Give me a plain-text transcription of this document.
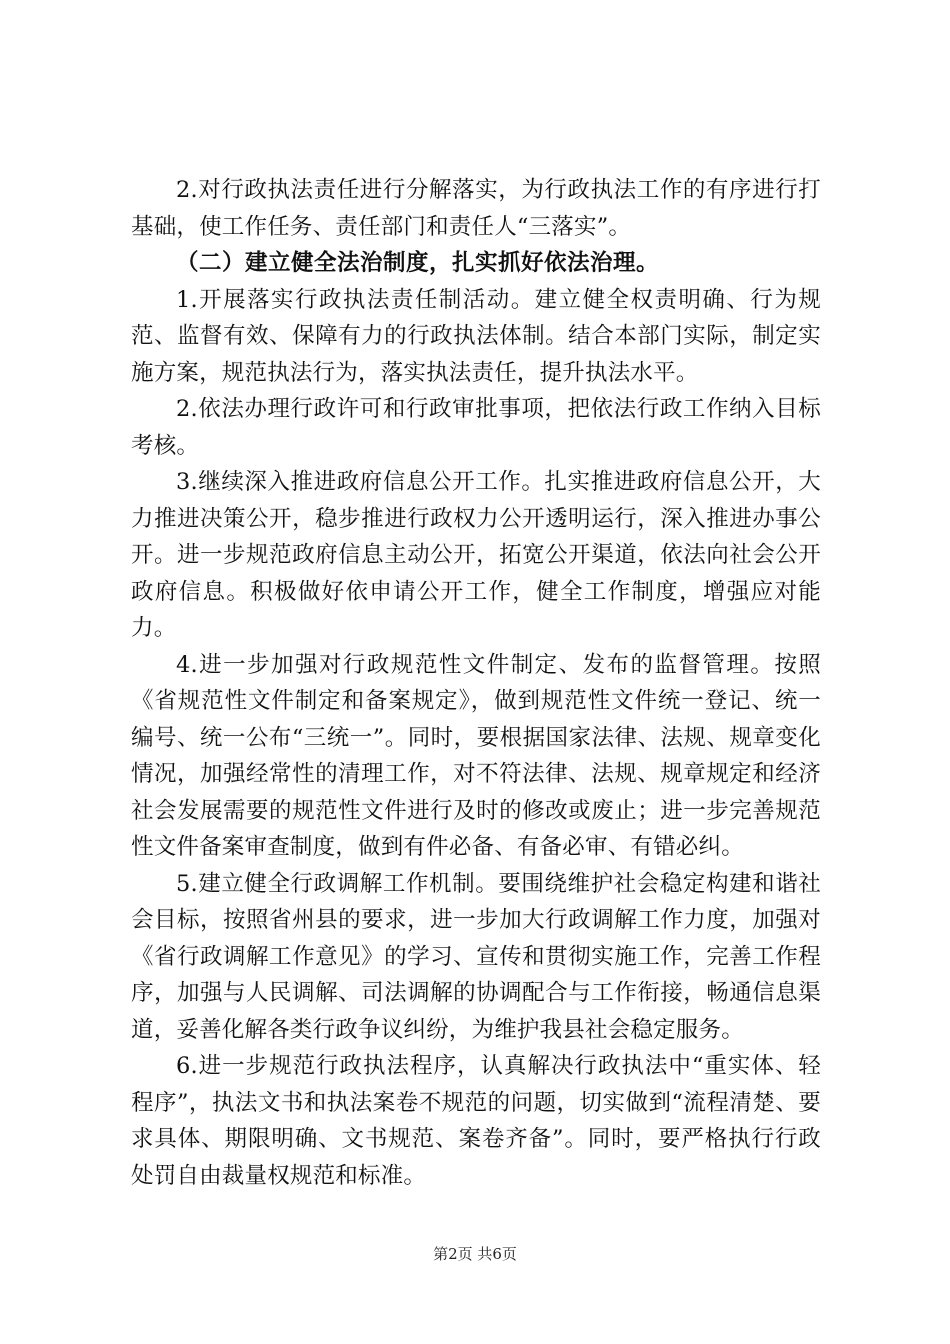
2.对行政执法责任进行分解落实，为行政执法工作的有序进行打基础，使工作任务、责任部门和责任人“三落实”。

（二）建立健全法治制度，扎实抓好依法治理。

1.开展落实行政执法责任制活动。建立健全权责明确、行为规范、监督有效、保障有力的行政执法体制。结合本部门实际，制定实施方案，规范执法行为，落实执法责任，提升执法水平。

2.依法办理行政许可和行政审批事项，把依法行政工作纳入目标考核。

3.继续深入推进政府信息公开工作。扎实推进政府信息公开，大力推进决策公开，稳步推进行政权力公开透明运行，深入推进办事公开。进一步规范政府信息主动公开，拓宽公开渠道，依法向社会公开政府信息。积极做好依申请公开工作，健全工作制度，增强应对能力。

4.进一步加强对行政规范性文件制定、发布的监督管理。按照《省规范性文件制定和备案规定》，做到规范性文件统一登记、统一编号、统一公布“三统一”。同时，要根据国家法律、法规、规章变化情况，加强经常性的清理工作，对不符法律、法规、规章规定和经济社会发展需要的规范性文件进行及时的修改或废止；进一步完善规范性文件备案审查制度，做到有件必备、有备必审、有错必纠。

5.建立健全行政调解工作机制。要围绕维护社会稳定构建和谐社会目标，按照省州县的要求，进一步加大行政调解工作力度，加强对《省行政调解工作意见》的学习、宣传和贯彻实施工作，完善工作程序，加强与人民调解、司法调解的协调配合与工作衔接，畅通信息渠道，妥善化解各类行政争议纠纷，为维护我县社会稳定服务。

6.进一步规范行政执法程序，认真解决行政执法中“重实体、轻程序”，执法文书和执法案卷不规范的问题，切实做到“流程清楚、要求具体、期限明确、文书规范、案卷齐备”。同时，要严格执行行政处罚自由裁量权规范和标准。

第2页 共6页
